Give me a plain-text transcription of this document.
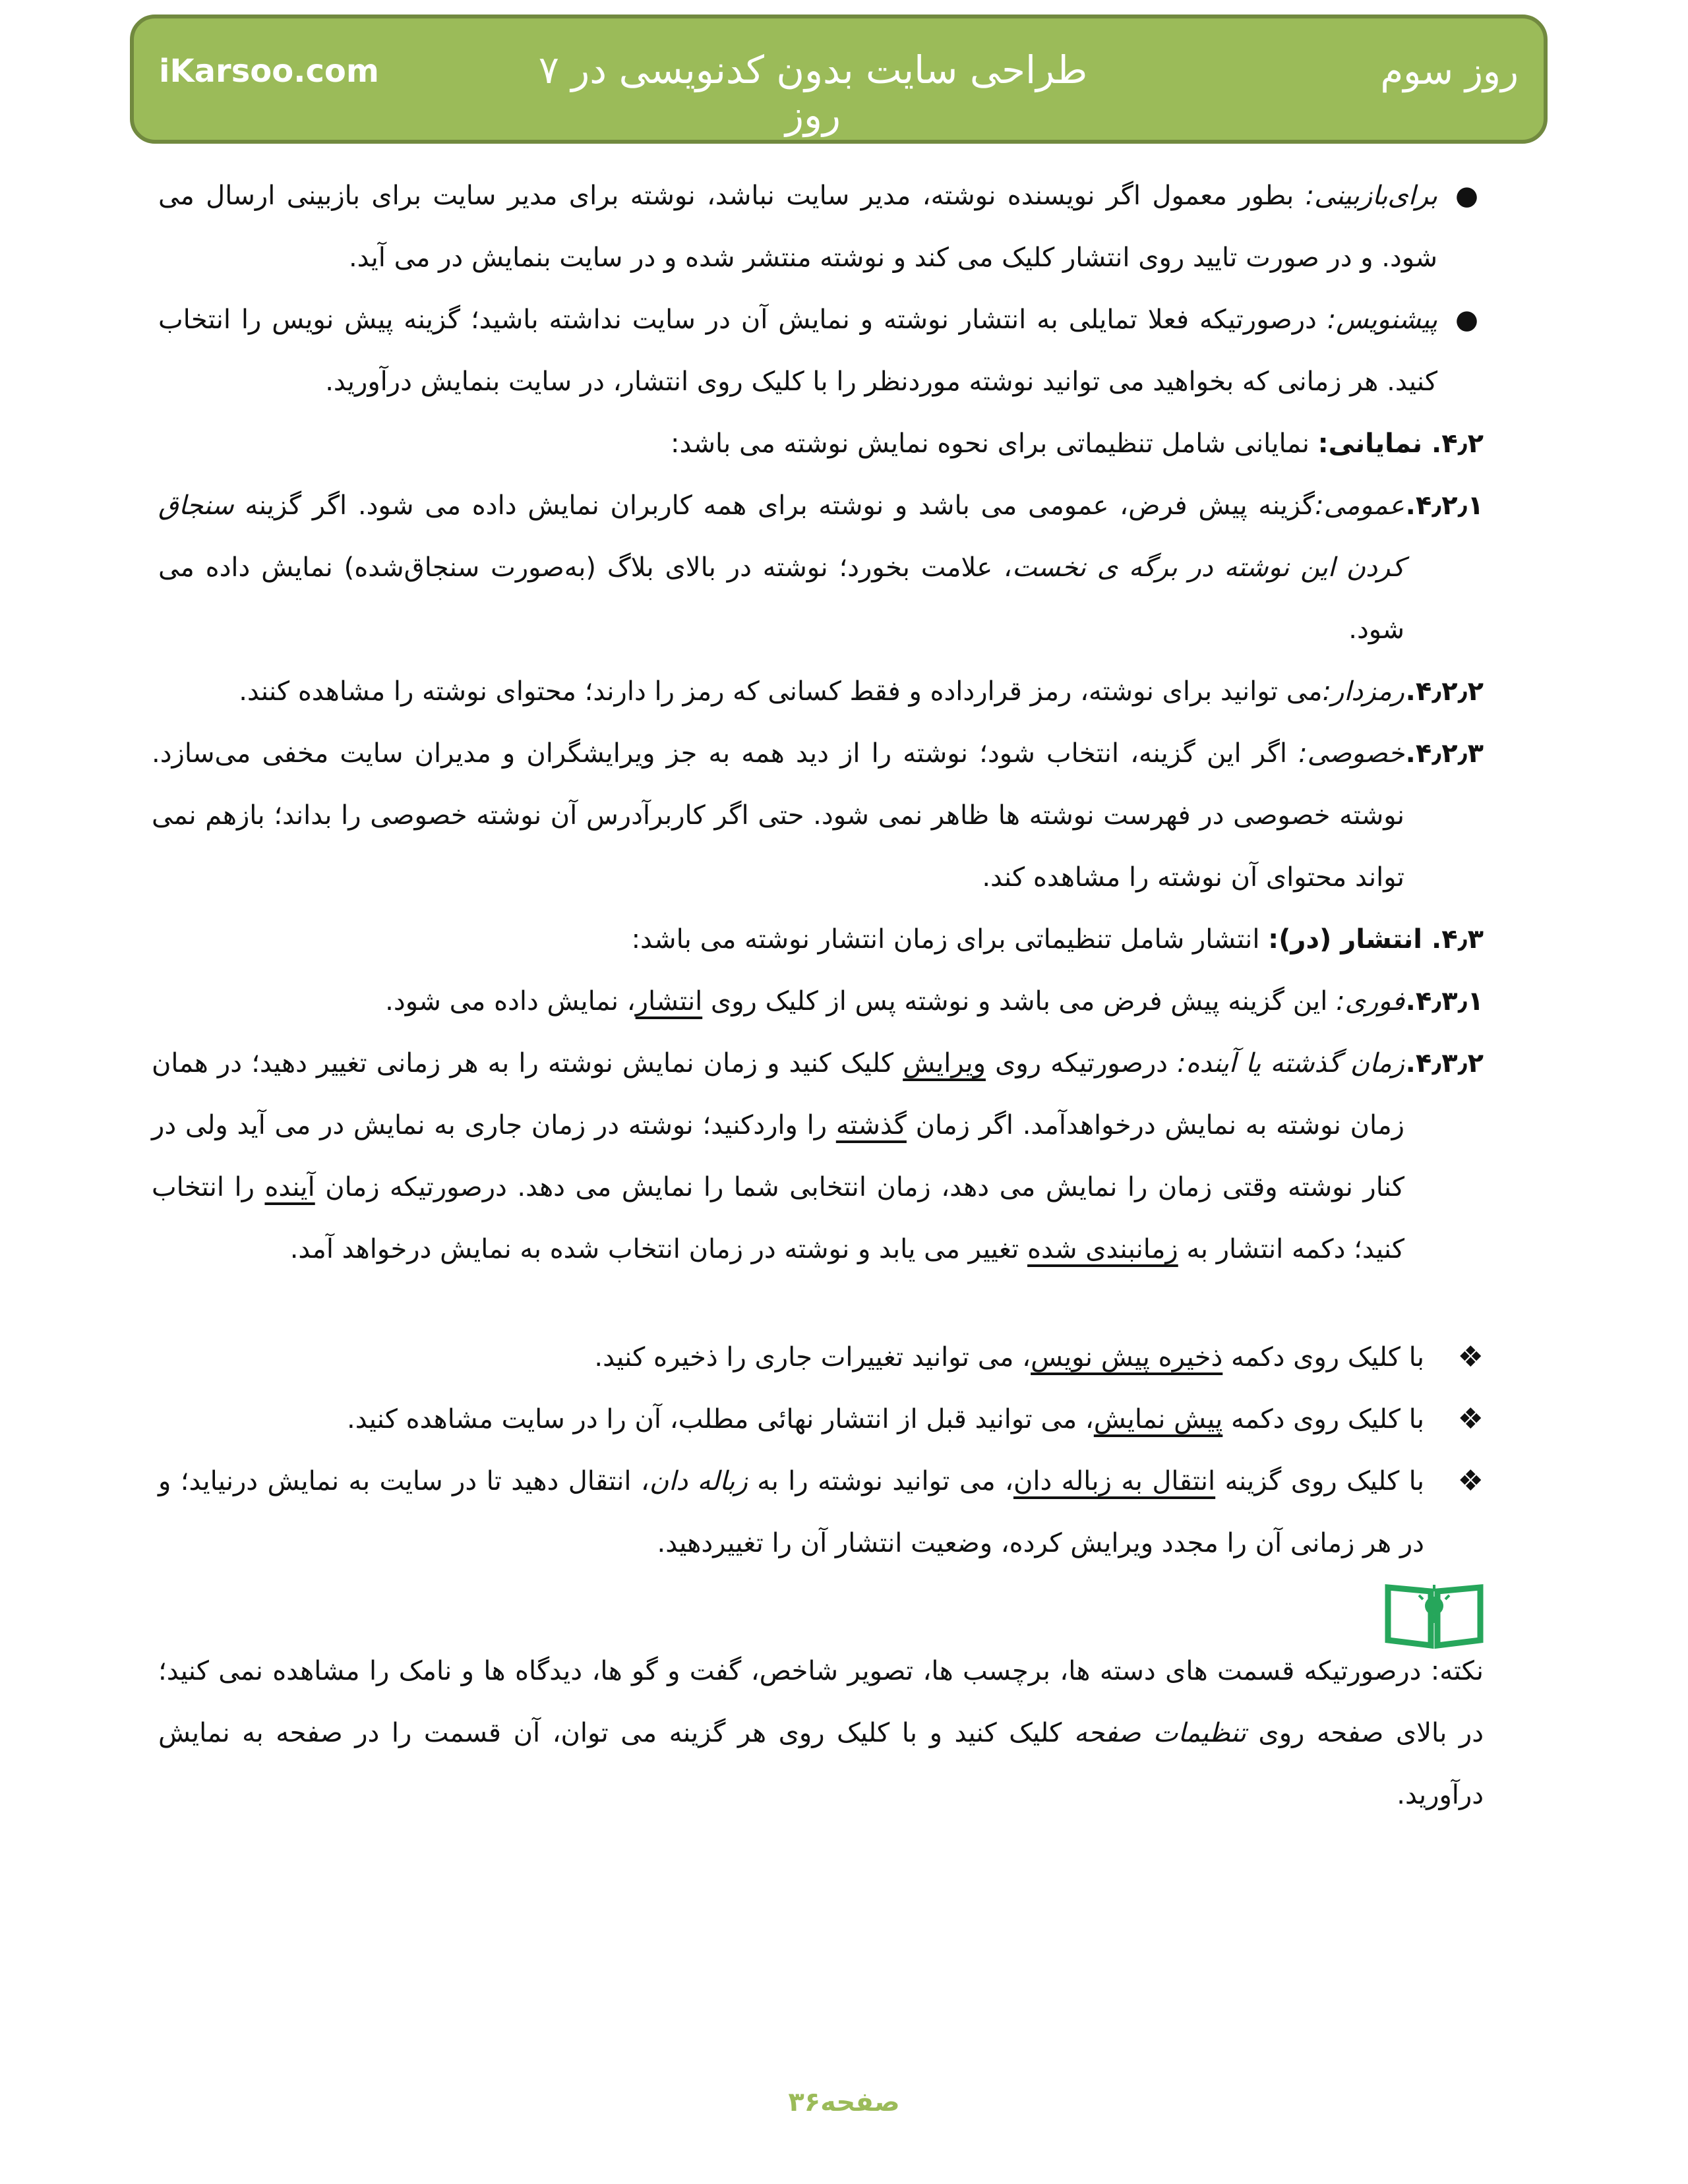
iKarsoo.com	طراحی سایت بدون کدنویسی در ۷ روز
روز سوم

●
برای‌بازبینی: بطور معمول اگر نویسنده نوشته، مدیر سایت نباشد، نوشته برای مدیر سایت برای بازبینی ارسال می شود. و در صورت تایید روی انتشار کلیک می کند و نوشته منتشر شده و در سایت بنمایش در می آید.

●
پیشنویس: درصورتیکه فعلا تمایلی به انتشار نوشته و نمایش آن در سایت نداشته باشید؛ گزینه پیش نویس را انتخاب کنید. هر زمانی که بخواهید می توانید نوشته موردنظر را با کلیک روی انتشار، در سایت بنمایش درآورید.

۴٫۲.نمایانی: نمایانی شامل تنظیماتی برای نحوه نمایش نوشته می باشد:

۴٫۲٫۱.
عمومی:گزینه پیش فرض، عمومی می باشد و نوشته برای همه کاربران نمایش داده می شود. اگر گزینه سنجاق کردن این نوشته در برگه ی نخست، علامت بخورد؛ نوشته در بالای بلاگ (به‌صورت سنجاق‌شده) نمایش داده می شود.

۴٫۲٫۲.
رمزدار:می توانید برای نوشته، رمز قرارداده و فقط کسانی که رمز را دارند؛ محتوای نوشته را مشاهده کنند.

۴٫۲٫۳.
خصوصی: اگر این گزینه، انتخاب شود؛ نوشته را از دید همه به جز ویرایشگران و مدیران سایت مخفی می‌سازد. نوشته خصوصی در فهرست نوشته ها ظاهر نمی شود. حتی اگر کاربرآدرس آن نوشته خصوصی را بداند؛ بازهم نمی تواند محتوای آن نوشته را مشاهده کند.

۴٫۳.انتشار (در): انتشار شامل تنظیماتی برای زمان انتشار نوشته می باشد:

۴٫۳٫۱.
فوری: این گزینه پیش فرض می باشد و نوشته پس از کلیک روی انتشار، نمایش داده می شود.

۴٫۳٫۲.
زمان گذشته یا آینده: درصورتیکه روی ویرایش کلیک کنید و زمان نمایش نوشته را به هر زمانی تغییر دهید؛ در همان زمان نوشته به نمایش درخواهدآمد. اگر زمان گذشته را واردکنید؛ نوشته در زمان جاری به نمایش در می آید ولی در کنار نوشته وقتی زمان را نمایش می دهد، زمان انتخابی شما را نمایش می دهد. درصورتیکه زمان آینده را انتخاب کنید؛ دکمه انتشار به زمانبندی شده تغییر می یابد و نوشته در زمان انتخاب شده به نمایش درخواهد آمد.

❖
با کلیک روی دکمه ذخیره پیش نویس، می توانید تغییرات جاری را ذخیره کنید.

❖
با کلیک روی دکمه پیش نمایش، می توانید قبل از انتشار نهائی مطلب، آن را در سایت مشاهده کنید.

❖
با کلیک روی گزینه انتقال به زباله دان، می توانید نوشته را به زباله دان، انتقال دهید تا در سایت به نمایش درنیاید؛ و در هر زمانی آن را مجدد ویرایش کرده، وضعیت انتشار آن را تغییردهید.

نکته: درصورتیکه قسمت های دسته ها، برچسب ها، تصویر شاخص، گفت و گو ها، دیدگاه ها و نامک را مشاهده نمی کنید؛ در بالای صفحه روی تنظیمات صفحه کلیک کنید و با کلیک روی هر گزینه می توان، آن قسمت را در صفحه به نمایش درآورید.

صفحه۳۶
